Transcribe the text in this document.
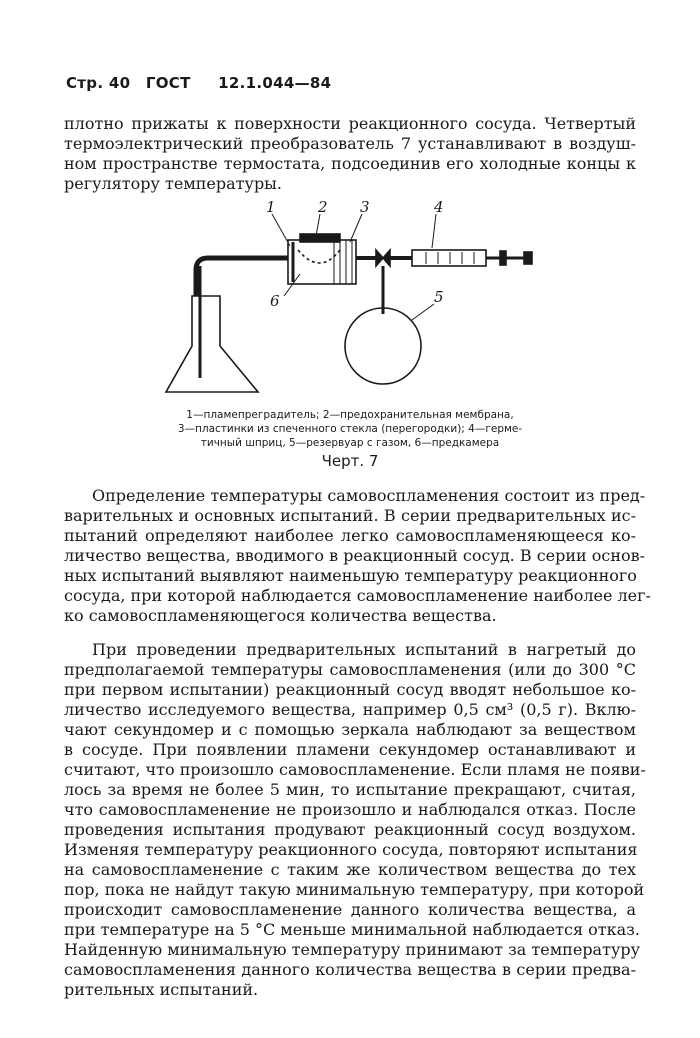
Стр. 40 ГОСТ 12.1.044—84
плотно прижаты к поверхности реакционного сосуда. Четвертый
термоэлектрический преобразователь 7 устанавливают в воздуш-
ном пространстве термостата, подсоединив его холодные концы к
регулятору температуры.
1	2 3	4
5
6
1—пламепреградитель; 2—предохранительная мембрана,
3—пластинки из спеченного стекла (перегородки); 4—герме-
тичный шприц, 5—резервуар с газом, 6—предкамера
Черт. 7
Определение температуры самовоспламенения состоит из пред-
варительных и основных испытаний. В серии предварительных ис-
пытаний определяют наиболее легко самовоспламеняющееся ко-
личество вещества, вводимого в реакционный сосуд. В серии основ-
ных испытаний выявляют наименьшую температуру реакционного
сосуда, при которой наблюдается самовоспламенение наиболее лег-
ко самовоспламеняющегося количества вещества.
При проведении предварительных испытаний в нагретый до
предполагаемой температуры самовоспламенения (или до 300 °С
при первом испытании) реакционный сосуд вводят небольшое ко-
личество исследуемого вещества, например 0,5 см³ (0,5 г). Вклю-
чают секундомер и с помощью зеркала наблюдают за веществом
в сосуде. При появлении пламени секундомер останавливают и
считают, что произошло самовоспламенение. Если пламя не появи-
лось за время не более 5 мин, то испытание прекращают, считая,
что самовоспламенение не произошло и наблюдался отказ. После
проведения испытания продувают реакционный сосуд воздухом.
Изменяя температуру реакционного сосуда, повторяют испытания
на самовоспламенение с таким же количеством вещества до тех
пор, пока не найдут такую минимальную температуру, при которой
происходит самовоспламенение данного количества вещества, а
при температуре на 5 °С меньше минимальной наблюдается отказ.
Найденную минимальную температуру принимают за температуру
самовоспламенения данного количества вещества в серии предва-
рительных испытаний.
